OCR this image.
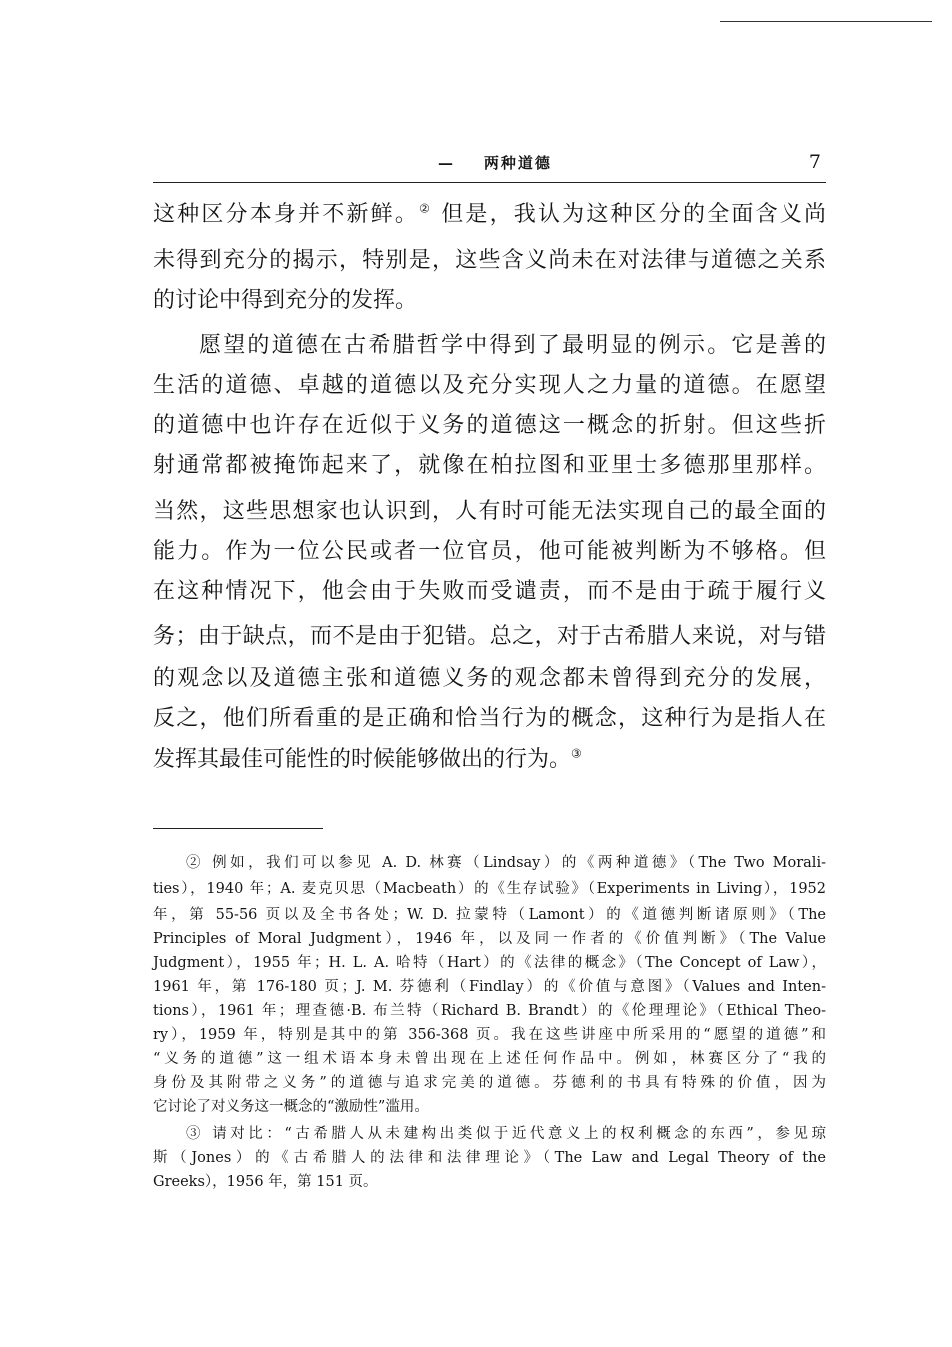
— 两种道德	7
这种区分本身并不新鲜。② 但是，我认为这种区分的全面含义尚
未得到充分的揭示，特别是，这些含义尚未在对法律与道德之关系
的讨论中得到充分的发挥。
愿望的道德在古希腊哲学中得到了最明显的例示。它是善的
生活的道德、卓越的道德以及充分实现人之力量的道德。在愿望
的道德中也许存在近似于义务的道德这一概念的折射。但这些折
射通常都被掩饰起来了，就像在柏拉图和亚里士多德那里那样。
当然，这些思想家也认识到，人有时可能无法实现自己的最全面的
能力。作为一位公民或者一位官员，他可能被判断为不够格。但
在这种情况下，他会由于失败而受谴责，而不是由于疏于履行义
务；由于缺点，而不是由于犯错。总之，对于古希腊人来说，对与错
的观念以及道德主张和道德义务的观念都未曾得到充分的发展，
反之，他们所看重的是正确和恰当行为的概念，这种行为是指人在
发挥其最佳可能性的时候能够做出的行为。③
② 例如，我们可以参见 A. D. 林赛（Lindsay）的《两种道德》（The Two Morali-
ties），1940 年；A. 麦克贝思（Macbeath）的《生存试验》（Experiments in Living），1952
年，第 55-56 页以及全书各处；W. D. 拉蒙特（Lamont）的《道德判断诸原则》（The
Principles of Moral Judgment），1946 年，以及同一作者的《价值判断》（The Value
Judgment），1955 年；H. L. A. 哈特（Hart）的《法律的概念》（The Concept of Law），
1961 年，第 176-180 页；J. M. 芬德利（Findlay）的《价值与意图》（Values and Inten-
tions），1961 年；理查德·B. 布兰特（Richard B. Brandt）的《伦理理论》（Ethical Theo-
ry），1959 年，特别是其中的第 356-368 页。我在这些讲座中所采用的“愿望的道德”和
“义务的道德”这一组术语本身未曾出现在上述任何作品中。例如，林赛区分了“我的
身份及其附带之义务”的道德与追求完美的道德。芬德利的书具有特殊的价值，因为
它讨论了对义务这一概念的“激励性”滥用。
③ 请对比：“古希腊人从未建构出类似于近代意义上的权利概念的东西”，参见琼
斯（Jones）的《古希腊人的法律和法律理论》（The Law and Legal Theory of the
Greeks），1956 年，第 151 页。
